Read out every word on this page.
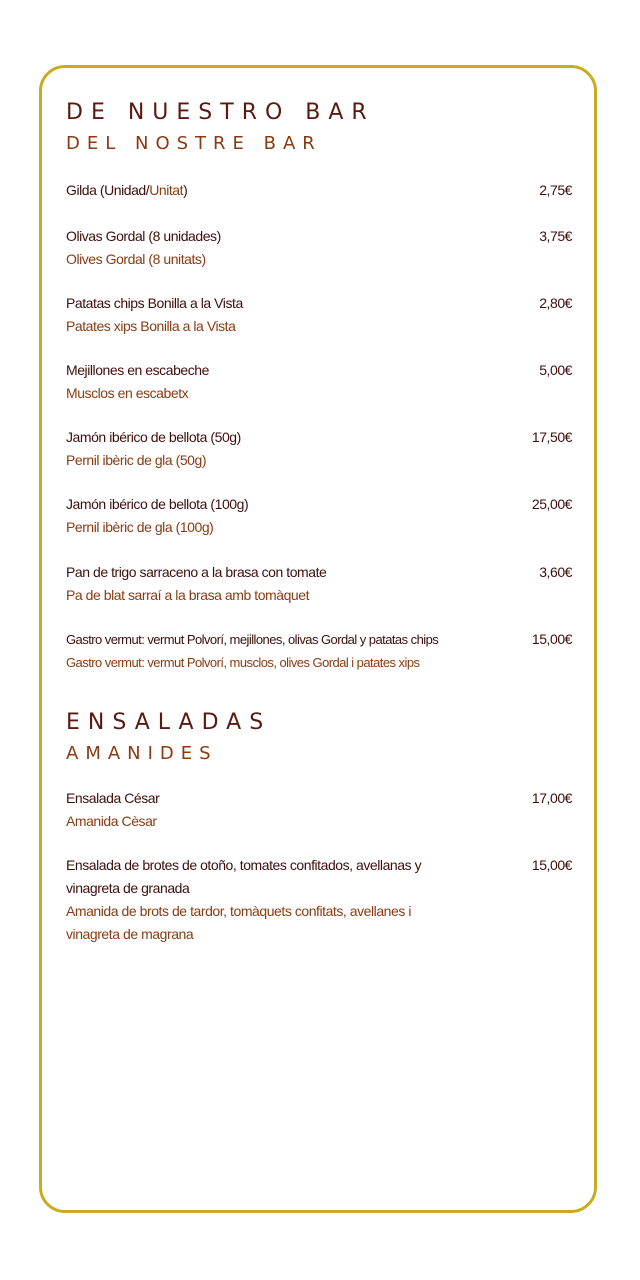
DE NUESTRO BAR
DEL NOSTRE BAR
Gilda (Unidad/Unitat)	2,75€
Olivas Gordal (8 unidades)
Olives Gordal (8 unitats)
3,75€
Patatas chips Bonilla a la Vista
Patates xips Bonilla a la Vista
2,80€
Mejillones en escabeche
Musclos en escabetx
5,00€
Jamón ibérico de bellota (50g)
Pernil ibèric de gla (50g)
17,50€
Jamón ibérico de bellota (100g)
Pernil ibèric de gla (100g)
25,00€
Pan de trigo sarraceno a la brasa con tomate
Pa de blat sarraí a la brasa amb tomàquet
3,60€
Gastro vermut: vermut Polvorí, mejillones, olivas Gordal y patatas chips
Gastro vermut: vermut Polvorí, musclos, olives Gordal i patates xips
15,00€
ENSALADAS
AMANIDES
Ensalada César
Amanida Cèsar
17,00€
Ensalada de brotes de otoño, tomates confitados, avellanas y vinagreta de granada
Amanida de brots de tardor, tomàquets confitats, avellanes i vinagreta de magrana
15,00€
